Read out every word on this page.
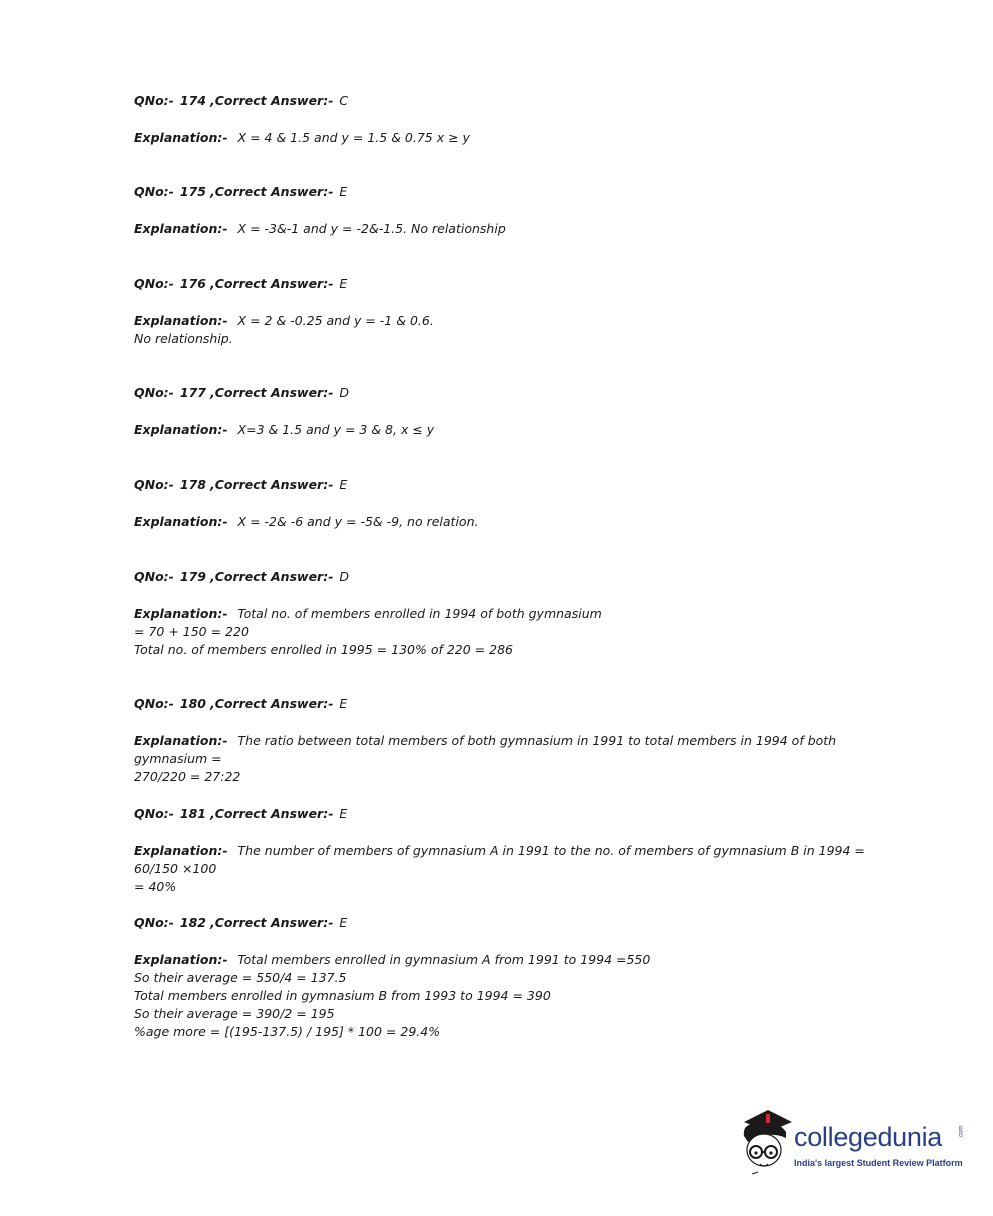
QNo:- 174 ,Correct Answer:- C

Explanation:- X = 4 & 1.5 and y = 1.5 & 0.75 x ≥ y

QNo:- 175 ,Correct Answer:- E

Explanation:- X = -3&-1 and y = -2&-1.5. No relationship

QNo:- 176 ,Correct Answer:- E

Explanation:- X = 2 & -0.25 and y = -1 & 0.6.
No relationship.

QNo:- 177 ,Correct Answer:- D

Explanation:- X=3 & 1.5 and y = 3 & 8, x ≤ y

QNo:- 178 ,Correct Answer:- E

Explanation:- X = -2& -6 and y = -5& -9, no relation.

QNo:- 179 ,Correct Answer:- D

Explanation:- Total no. of members enrolled in 1994 of both gymnasium
= 70 + 150 = 220
Total no. of members enrolled in 1995 = 130% of 220 = 286

QNo:- 180 ,Correct Answer:- E

Explanation:- The ratio between total members of both gymnasium in 1991 to total members in 1994 of both gymnasium =
270/220 = 27:22

QNo:- 181 ,Correct Answer:- E

Explanation:- The number of members of gymnasium A in 1991 to the no. of members of gymnasium B in 1994 = 60/150 ×100
= 40%

QNo:- 182 ,Correct Answer:- E

Explanation:- Total members enrolled in gymnasium A from 1991 to 1994 =550
So their average = 550/4 = 137.5
Total members enrolled in gymnasium B from 1993 to 1994 = 390
So their average = 390/2 = 195
%age more = [(195-137.5) / 195] * 100 = 29.4%

collegedunia	.com
India's largest Student Review Platform
